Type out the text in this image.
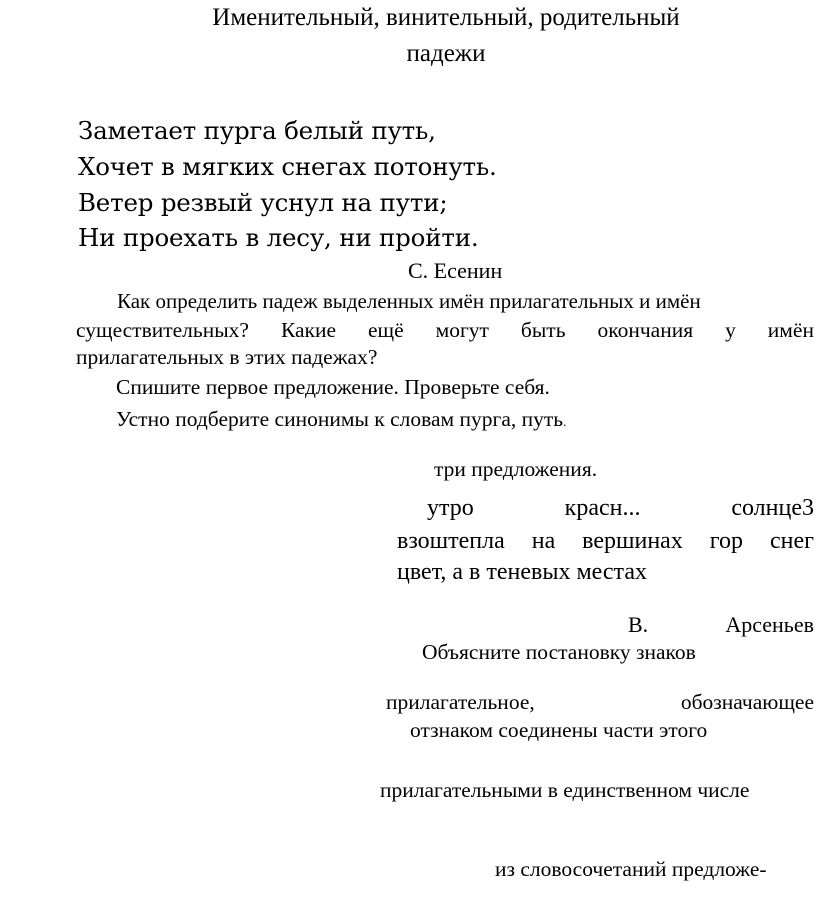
Именительный, винительный, родительный
падежи
Заметает пурга белый путь,
Хочет в мягких снегах потонуть.
Ветер резвый уснул на пути;
Ни проехать в лесу, ни пройти.
С. Есенин
Как определить падеж выделенных имён прилагательных и имён
существительных? Какие ещё могут быть окончания у имён
прилагательных в этих падежах?
Спишите первое предложение. Проверьте себя.
Устно подберите синонимы к словам пурга, путь.
три предложения.
утро	красн...	солнце3
взоштепла на вершинах гор снег
цвет, а в теневых местах
В.	Арсеньев
Объясните постановку знаков
прилагательное,	обозначающее
отзнаком соединены части этого
прилагательными в единственном числе
из словосочетаний предложе-
